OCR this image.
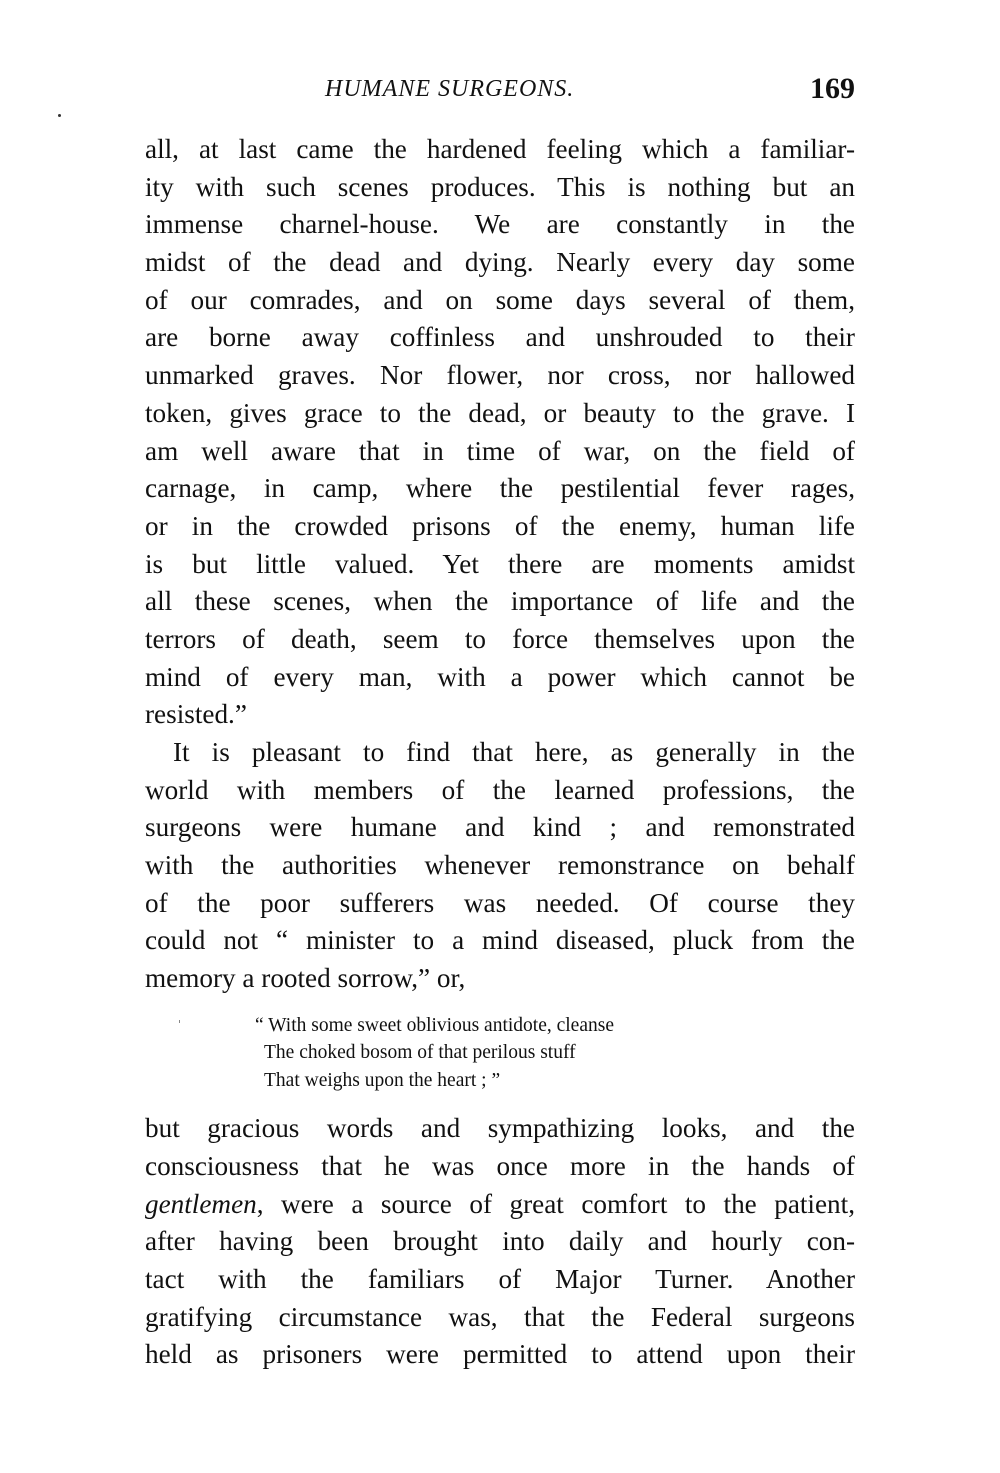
HUMANE SURGEONS.	169
all, at last came the hardened feeling which a familiar-
ity with such scenes produces. This is nothing but an
immense charnel-house. We are constantly in the
midst of the dead and dying. Nearly every day some
of our comrades, and on some days several of them,
are borne away coffinless and unshrouded to their
unmarked graves. Nor flower, nor cross, nor hallowed
token, gives grace to the dead, or beauty to the grave. I
am well aware that in time of war, on the field of
carnage, in camp, where the pestilential fever rages,
or in the crowded prisons of the enemy, human life
is but little valued. Yet there are moments amidst
all these scenes, when the importance of life and the
terrors of death, seem to force themselves upon the
mind of every man, with a power which cannot be
resisted.”
It is pleasant to find that here, as generally in the
world with members of the learned professions, the
surgeons were humane and kind ; and remonstrated
with the authorities whenever remonstrance on behalf
of the poor sufferers was needed. Of course they
could not “ minister to a mind diseased, pluck from the
memory a rooted sorrow,” or,
“ With some sweet oblivious antidote, cleanse
The choked bosom of that perilous stuff
That weighs upon the heart ; ”
but gracious words and sympathizing looks, and the
consciousness that he was once more in the hands of
gentlemen, were a source of great comfort to the patient,
after having been brought into daily and hourly con-
tact with the familiars of Major Turner. Another
gratifying circumstance was, that the Federal surgeons
held as prisoners were permitted to attend upon their
